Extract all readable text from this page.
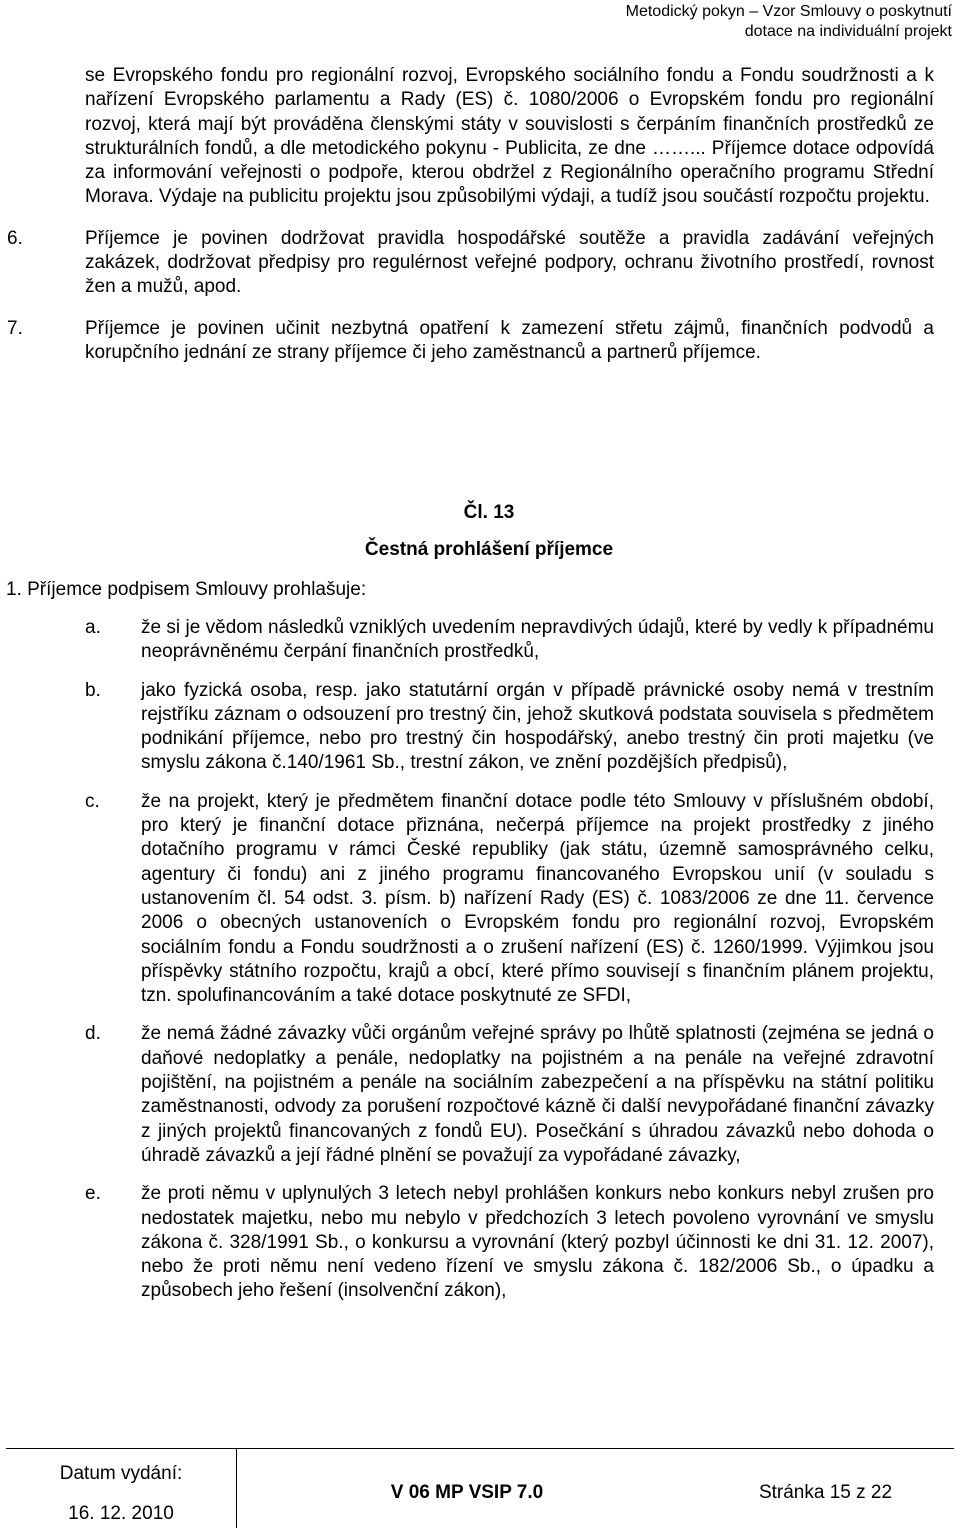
Metodický pokyn – Vzor Smlouvy o poskytnutí
dotace na individuální projekt

se Evropského fondu pro regionální rozvoj, Evropského sociálního fondu a Fondu soudržnosti a k nařízení Evropského parlamentu a Rady (ES) č. 1080/2006 o Evropském fondu pro regionální rozvoj, která mají být prováděna členskými státy v souvislosti s čerpáním finančních prostředků ze strukturálních fondů, a dle metodického pokynu - Publicita, ze dne ……... Příjemce dotace odpovídá za informování veřejnosti o podpoře, kterou obdržel z Regionálního operačního programu Střední Morava. Výdaje na publicitu projektu jsou způsobilými výdaji, a tudíž jsou součástí rozpočtu projektu.

6.	Příjemce je povinen dodržovat pravidla hospodářské soutěže a pravidla zadávání veřejných zakázek, dodržovat předpisy pro regulérnost veřejné podpory, ochranu životního prostředí, rovnost žen a mužů, apod.

7.	Příjemce je povinen učinit nezbytná opatření k zamezení střetu zájmů, finančních podvodů a korupčního jednání ze strany příjemce či jeho zaměstnanců a partnerů příjemce.

Čl. 13
Čestná prohlášení příjemce
1. Příjemce podpisem Smlouvy prohlašuje:
a. že si je vědom následků vzniklých uvedením nepravdivých údajů, které by vedly k případnému neoprávněnému čerpání finančních prostředků,

b. jako fyzická osoba, resp. jako statutární orgán v případě právnické osoby nemá v trestním rejstříku záznam o odsouzení pro trestný čin, jehož skutková podstata souvisela s předmětem podnikání příjemce, nebo pro trestný čin hospodářský, anebo trestný čin proti majetku (ve smyslu zákona č.140/1961 Sb., trestní zákon, ve znění pozdějších předpisů),

c. že na projekt, který je předmětem finanční dotace podle této Smlouvy v příslušném období, pro který je finanční dotace přiznána, nečerpá příjemce na projekt prostředky z jiného dotačního programu v rámci České republiky (jak státu, územně samosprávného celku, agentury či fondu) ani z jiného programu financovaného Evropskou unií (v souladu s ustanovením čl. 54 odst. 3. písm. b) nařízení Rady (ES) č. 1083/2006 ze dne 11. července 2006 o obecných ustanoveních o Evropském fondu pro regionální rozvoj, Evropském sociálním fondu a Fondu soudržnosti a o zrušení nařízení (ES) č. 1260/1999. Výjimkou jsou příspěvky státního rozpočtu, krajů a obcí, které přímo souvisejí s finančním plánem projektu, tzn. spolufinancováním a také dotace poskytnuté ze SFDI,

d. že nemá žádné závazky vůči orgánům veřejné správy po lhůtě splatnosti (zejména se jedná o daňové nedoplatky a penále, nedoplatky na pojistném a na penále na veřejné zdravotní pojištění, na pojistném a penále na sociálním zabezpečení a na příspěvku na státní politiku zaměstnanosti, odvody za porušení rozpočtové kázně či další nevypořádané finanční závazky z jiných projektů financovaných z fondů EU). Posečkání s úhradou závazků nebo dohoda o úhradě závazků a její řádné plnění se považují za vypořádané závazky,

e. že proti němu v uplynulých 3 letech nebyl prohlášen konkurs nebo konkurs nebyl zrušen pro nedostatek majetku, nebo mu nebylo v předchozích 3 letech povoleno vyrovnání ve smyslu zákona č. 328/1991 Sb., o konkursu a vyrovnání (který pozbyl účinnosti ke dni 31. 12. 2007), nebo že proti němu není vedeno řízení ve smyslu zákona č. 182/2006 Sb., o úpadku a způsobech jeho řešení (insolvenční zákon),

Datum vydání:
16. 12. 2010
V 06 MP VSIP 7.0	Stránka 15 z 22
